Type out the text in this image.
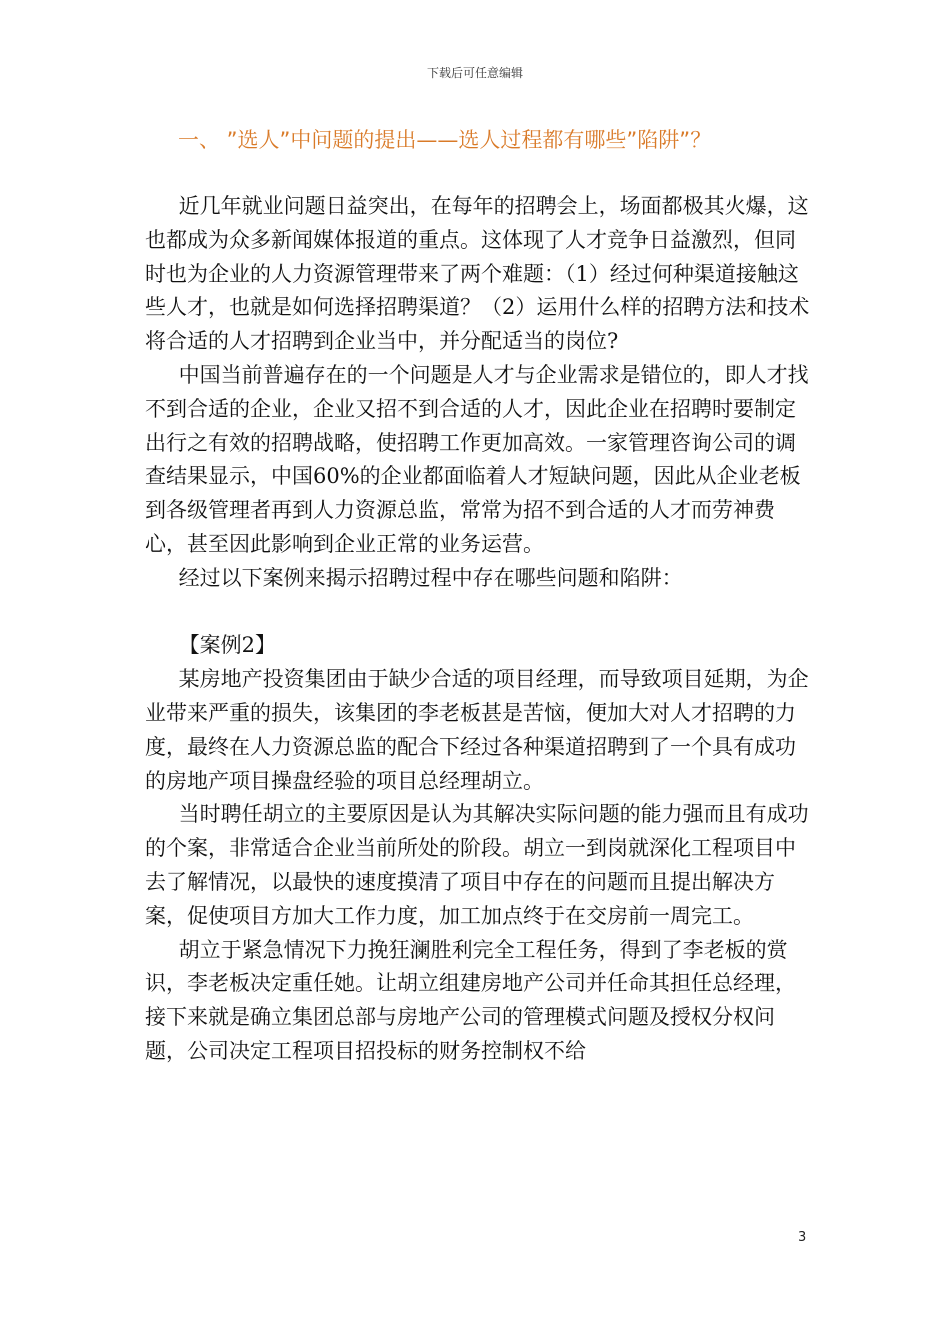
下载后可任意编辑
一、 ”选人”中问题的提出——选人过程都有哪些”陷阱”？

近几年就业问题日益突出，在每年的招聘会上，场面都极其火爆，这也都成为众多新闻媒体报道的重点。这体现了人才竞争日益激烈，但同时也为企业的人力资源管理带来了两个难题：（1）经过何种渠道接触这些人才，也就是如何选择招聘渠道？（2）运用什么样的招聘方法和技术将合适的人才招聘到企业当中，并分配适当的岗位?

中国当前普遍存在的一个问题是人才与企业需求是错位的，即人才找不到合适的企业，企业又招不到合适的人才，因此企业在招聘时要制定出行之有效的招聘战略，使招聘工作更加高效。一家管理咨询公司的调查结果显示，中国60%的企业都面临着人才短缺问题，因此从企业老板到各级管理者再到人力资源总监，常常为招不到合适的人才而劳神费心，甚至因此影响到企业正常的业务运营。

经过以下案例来揭示招聘过程中存在哪些问题和陷阱：

【案例2】

某房地产投资集团由于缺少合适的项目经理，而导致项目延期，为企业带来严重的损失，该集团的李老板甚是苦恼，便加大对人才招聘的力度，最终在人力资源总监的配合下经过各种渠道招聘到了一个具有成功的房地产项目操盘经验的项目总经理胡立。

当时聘任胡立的主要原因是认为其解决实际问题的能力强而且有成功的个案，非常适合企业当前所处的阶段。胡立一到岗就深化工程项目中去了解情况，以最快的速度摸清了项目中存在的问题而且提出解决方案，促使项目方加大工作力度，加工加点终于在交房前一周完工。

胡立于紧急情况下力挽狂澜胜利完全工程任务，得到了李老板的赏识，李老板决定重任她。让胡立组建房地产公司并任命其担任总经理，接下来就是确立集团总部与房地产公司的管理模式问题及授权分权问题，公司决定工程项目招投标的财务控制权不给

3
